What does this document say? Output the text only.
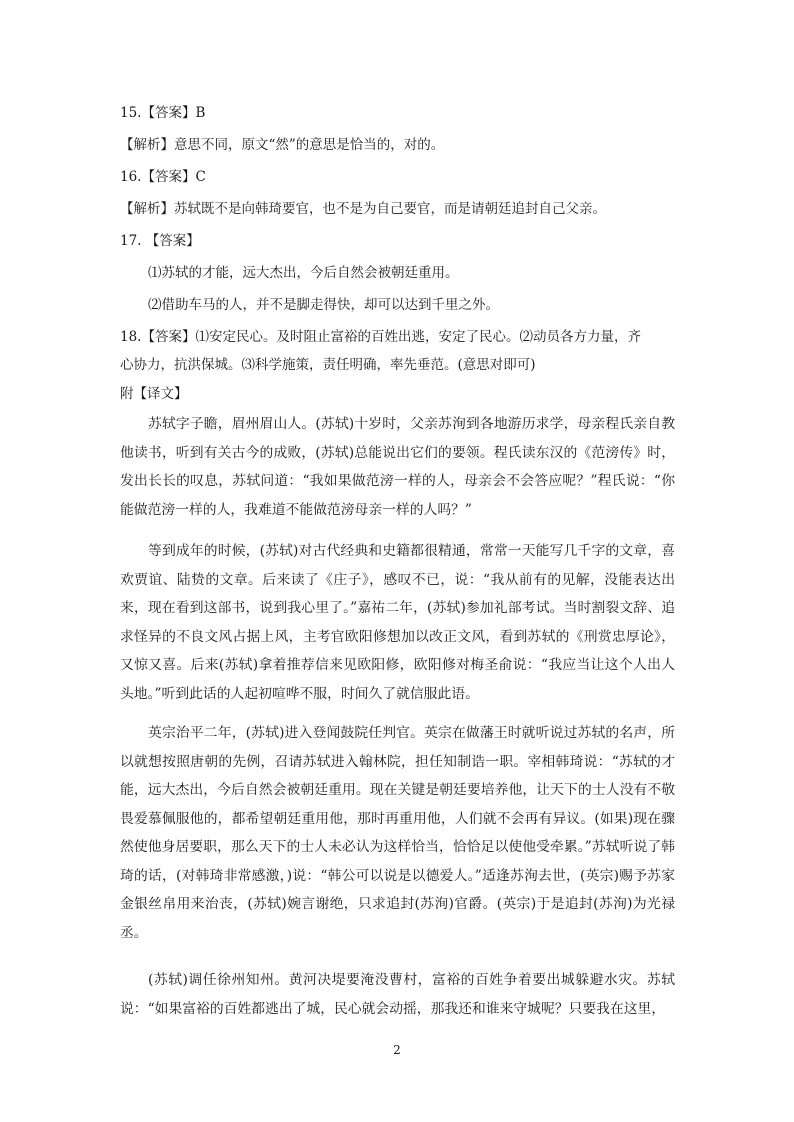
15.【答案】B
【解析】意思不同，原文“然”的意思是恰当的，对的。
16.【答案】C
【解析】苏轼既不是向韩琦要官，也不是为自己要官，而是请朝廷追封自己父亲。
17. 【答案】
⑴苏轼的才能，远大杰出，今后自然会被朝廷重用。
⑵借助车马的人，并不是脚走得快，却可以达到千里之外。
18.【答案】⑴安定民心。及时阻止富裕的百姓出逃，安定了民心。⑵动员各方力量，齐
心协力，抗洪保城。⑶科学施策，责任明确，率先垂范。(意思对即可)
附【译文】
苏轼字子瞻，眉州眉山人。(苏轼)十岁时，父亲苏洵到各地游历求学，母亲程氏亲自教他读书，听到有关古今的成败，(苏轼)总能说出它们的要领。程氏读东汉的《范滂传》时，发出长长的叹息，苏轼问道：“我如果做范滂一样的人，母亲会不会答应呢？”程氏说：“你能做范滂一样的人，我难道不能做范滂母亲一样的人吗？”
等到成年的时候，(苏轼)对古代经典和史籍都很精通，常常一天能写几千字的文章，喜欢贾谊、陆贽的文章。后来读了《庄子》，感叹不已，说：“我从前有的见解，没能表达出来，现在看到这部书，说到我心里了。”嘉祐二年，(苏轼)参加礼部考试。当时割裂文辞、追求怪异的不良文风占据上风，主考官欧阳修想加以改正文风，看到苏轼的《刑赏忠厚论》，又惊又喜。后来(苏轼)拿着推荐信来见欧阳修，欧阳修对梅圣俞说：“我应当让这个人出人头地。”听到此话的人起初喧哗不服，时间久了就信服此语。
英宗治平二年，(苏轼)进入登闻鼓院任判官。英宗在做藩王时就听说过苏轼的名声，所以就想按照唐朝的先例，召请苏轼进入翰林院，担任知制诰一职。宰相韩琦说：“苏轼的才能，远大杰出，今后自然会被朝廷重用。现在关键是朝廷要培养他，让天下的士人没有不敬畏爱慕佩服他的，都希望朝廷重用他，那时再重用他，人们就不会再有异议。(如果)现在骤然使他身居要职，那么天下的士人未必认为这样恰当，恰恰足以使他受牵累。”苏轼听说了韩琦的话，(对韩琦非常感激，)说：“韩公可以说是以德爱人。”适逢苏洵去世，(英宗)赐予苏家金银丝帛用来治丧，(苏轼)婉言谢绝，只求追封(苏洵)官爵。(英宗)于是追封(苏洵)为光禄丞。
(苏轼)调任徐州知州。黄河决堤要淹没曹村，富裕的百姓争着要出城躲避水灾。苏轼说：“如果富裕的百姓都逃出了城，民心就会动摇，那我还和谁来守城呢？只要我在这里，
2
